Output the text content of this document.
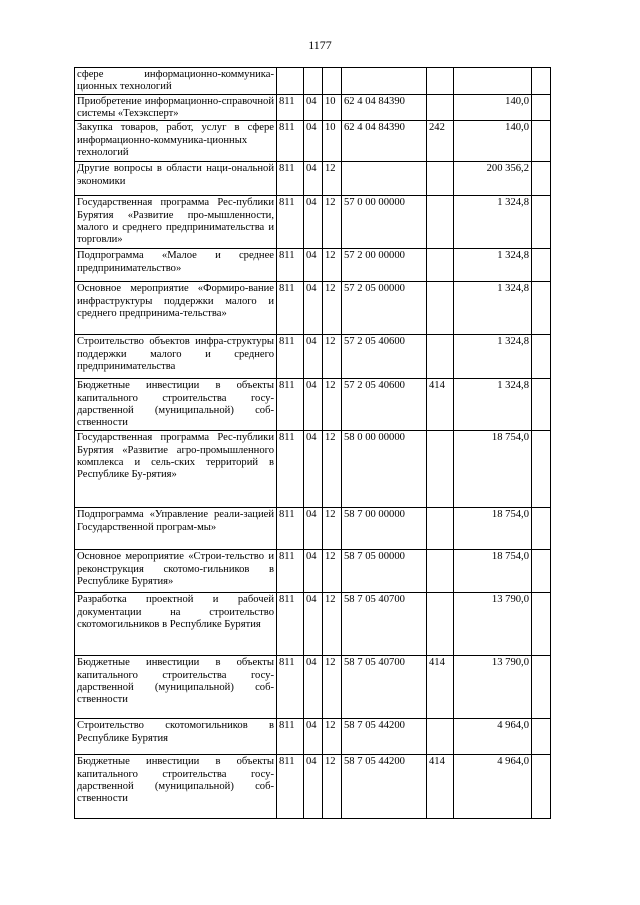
1177
сфере информационно-коммуника-ционных технологий							
Приобретение информационно-справочной системы «Техэксперт»	811	04	10	62 4 04 84390		140,0	
Закупка товаров, работ, услуг в сфере информационно-коммуника-ционных технологий	811	04	10	62 4 04 84390	242	140,0	
Другие вопросы в области наци-ональной экономики	811	04	12			200 356,2	
Государственная программа Рес-публики Бурятия «Развитие про-мышленности, малого и среднего предпринимательства и торговли»	811	04	12	57 0 00 00000		1 324,8	
Подпрограмма «Малое и среднее предпринимательство»	811	04	12	57 2 00 00000		1 324,8	
Основное мероприятие «Формиро-вание инфраструктуры поддержки малого и среднего предпринима-тельства»	811	04	12	57 2 05 00000		1 324,8	
Строительство объектов инфра-структуры поддержки малого и среднего предпринимательства	811	04	12	57 2 05 40600		1 324,8	
Бюджетные инвестиции в объекты капитального строительства госу-дарственной (муниципальной) соб-ственности	811	04	12	57 2 05 40600	414	1 324,8	
Государственная программа Рес-публики Бурятия «Развитие агро-промышленного комплекса и сель-ских территорий в Республике Бу-рятия»	811	04	12	58 0 00 00000		18 754,0	
Подпрограмма «Управление реали-зацией Государственной програм-мы»	811	04	12	58 7 00 00000		18 754,0	
Основное мероприятие «Строи-тельство и реконструкция скотомо-гильников в Республике Бурятия»	811	04	12	58 7 05 00000		18 754,0	
Разработка проектной и рабочей документации на строительство скотомогильников в Республике Бурятия	811	04	12	58 7 05 40700		13 790,0	
Бюджетные инвестиции в объекты капитального строительства госу-дарственной (муниципальной) соб-ственности	811	04	12	58 7 05 40700	414	13 790,0	
Строительство скотомогильников в Республике Бурятия	811	04	12	58 7 05 44200		4 964,0	
Бюджетные инвестиции в объекты капитального строительства госу-дарственной (муниципальной) соб-ственности	811	04	12	58 7 05 44200	414	4 964,0	
